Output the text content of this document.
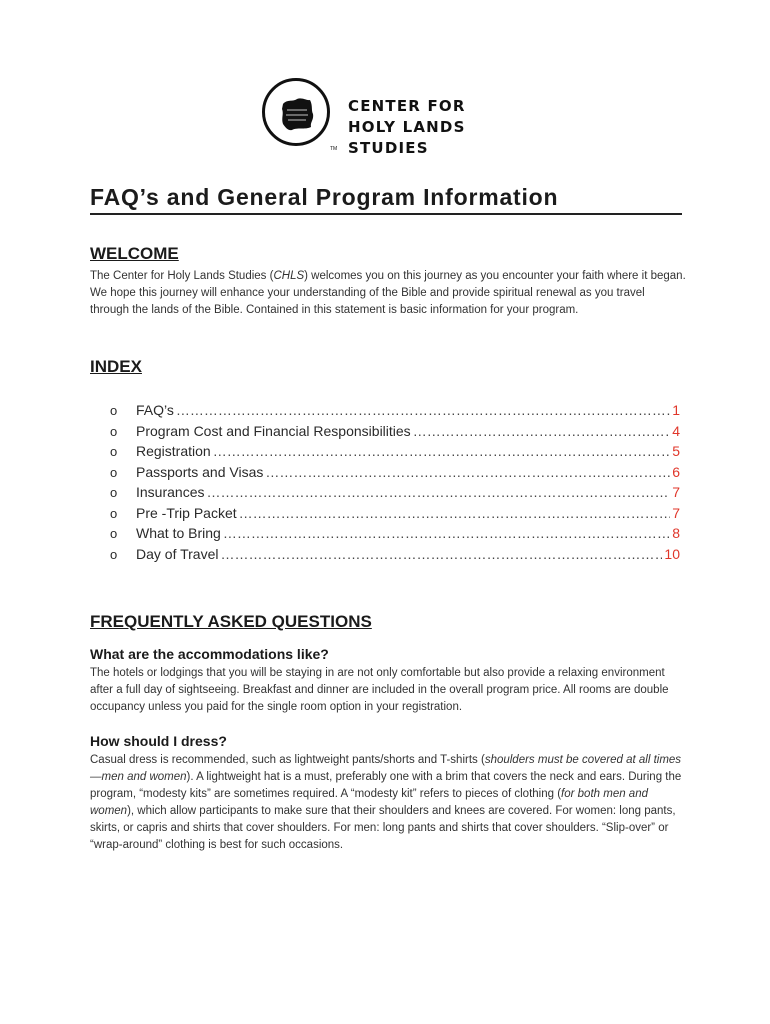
CENTER FOR
HOLY LANDS STUDIES
TM
FAQ’s and General Program Information
WELCOME

The Center for Holy Lands Studies (CHLS) welcomes you on this journey as you encounter your faith where it began. We hope this journey will enhance your understanding of the Bible and provide spiritual renewal as you travel through the lands of the Bible. Contained in this statement is basic information for your program.

INDEX
o	FAQ’s ………………………………………………………………………………………………………………………………………………………………	1
o	Program Cost and Financial Responsibilities ………………………………………………………………………………………………………………………………………………………………	4
o	Registration ………………………………………………………………………………………………………………………………………………………………	5
o	Passports and Visas ………………………………………………………………………………………………………………………………………………………………	6
o	Insurances ………………………………………………………………………………………………………………………………………………………………	7
o	Pre -Trip Packet ………………………………………………………………………………………………………………………………………………………………	7
o	What to Bring ………………………………………………………………………………………………………………………………………………………………	8
o	Day of Travel ………………………………………………………………………………………………………………………………………………………………	10
FREQUENTLY ASKED QUESTIONS
What are the accommodations like?

The hotels or lodgings that you will be staying in are not only comfortable but also provide a relaxing environment after a full day of sightseeing. Breakfast and dinner are included in the overall program price. All rooms are double occupancy unless you paid for the single room option in your registration.

How should I dress?

Casual dress is recommended, such as lightweight pants/shorts and T-shirts (shoulders must be covered at all times—men and women). A lightweight hat is a must, preferably one with a brim that covers the neck and ears. During the program, “modesty kits” are sometimes required. A “modesty kit” refers to pieces of clothing (for both men and women), which allow participants to make sure that their shoulders and knees are covered. For women: long pants, skirts, or capris and shirts that cover shoulders. For men: long pants and shirts that cover shoulders. “Slip-over” or “wrap-around” clothing is best for such occasions.
